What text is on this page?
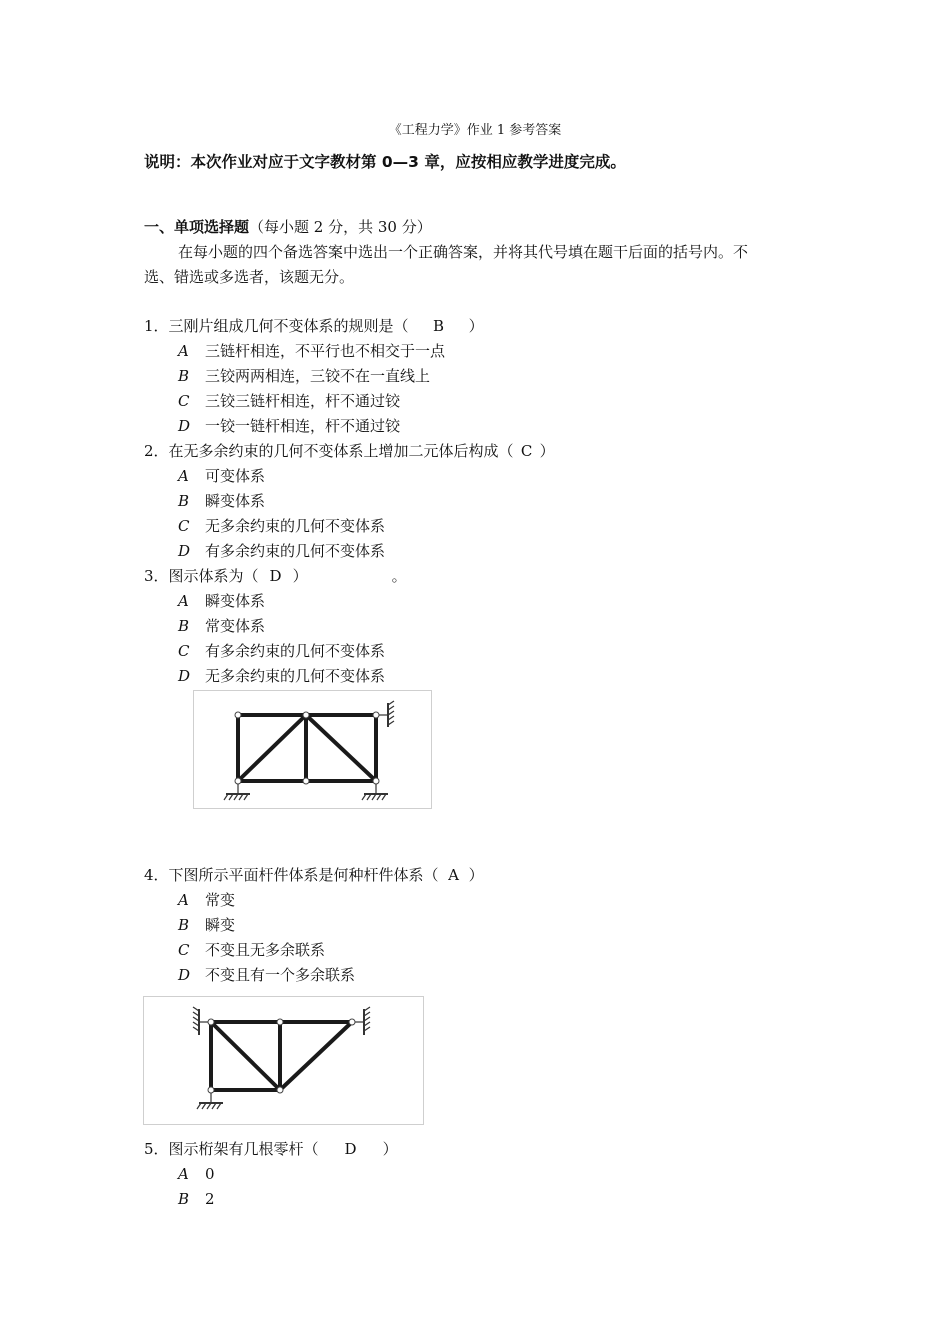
《工程力学》作业 1 参考答案
说明：本次作业对应于文字教材第 0—3 章，应按相应教学进度完成。
一、单项选择题（每小题 2 分，共 30 分）
在每小题的四个备选答案中选出一个正确答案，并将其代号填在题干后面的括号内。不
选、错选或多选者，该题无分。
1．三刚片组成几何不变体系的规则是（ B ）
A 三链杆相连，不平行也不相交于一点
B 三铰两两相连，三铰不在一直线上
C 三铰三链杆相连，杆不通过铰
D 一铰一链杆相连，杆不通过铰
2．在无多余约束的几何不变体系上增加二元体后构成（ C ）
A 可变体系
B 瞬变体系
C 无多余约束的几何不变体系
D 有多余约束的几何不变体系
3．图示体系为（ D ）	。
A 瞬变体系
B 常变体系
C 有多余约束的几何不变体系
D 无多余约束的几何不变体系
4．下图所示平面杆件体系是何种杆件体系（ A ）
A 常变
B 瞬变
C 不变且无多余联系
D 不变且有一个多余联系
5．图示桁架有几根零杆（ D ）
A 0
B 2
